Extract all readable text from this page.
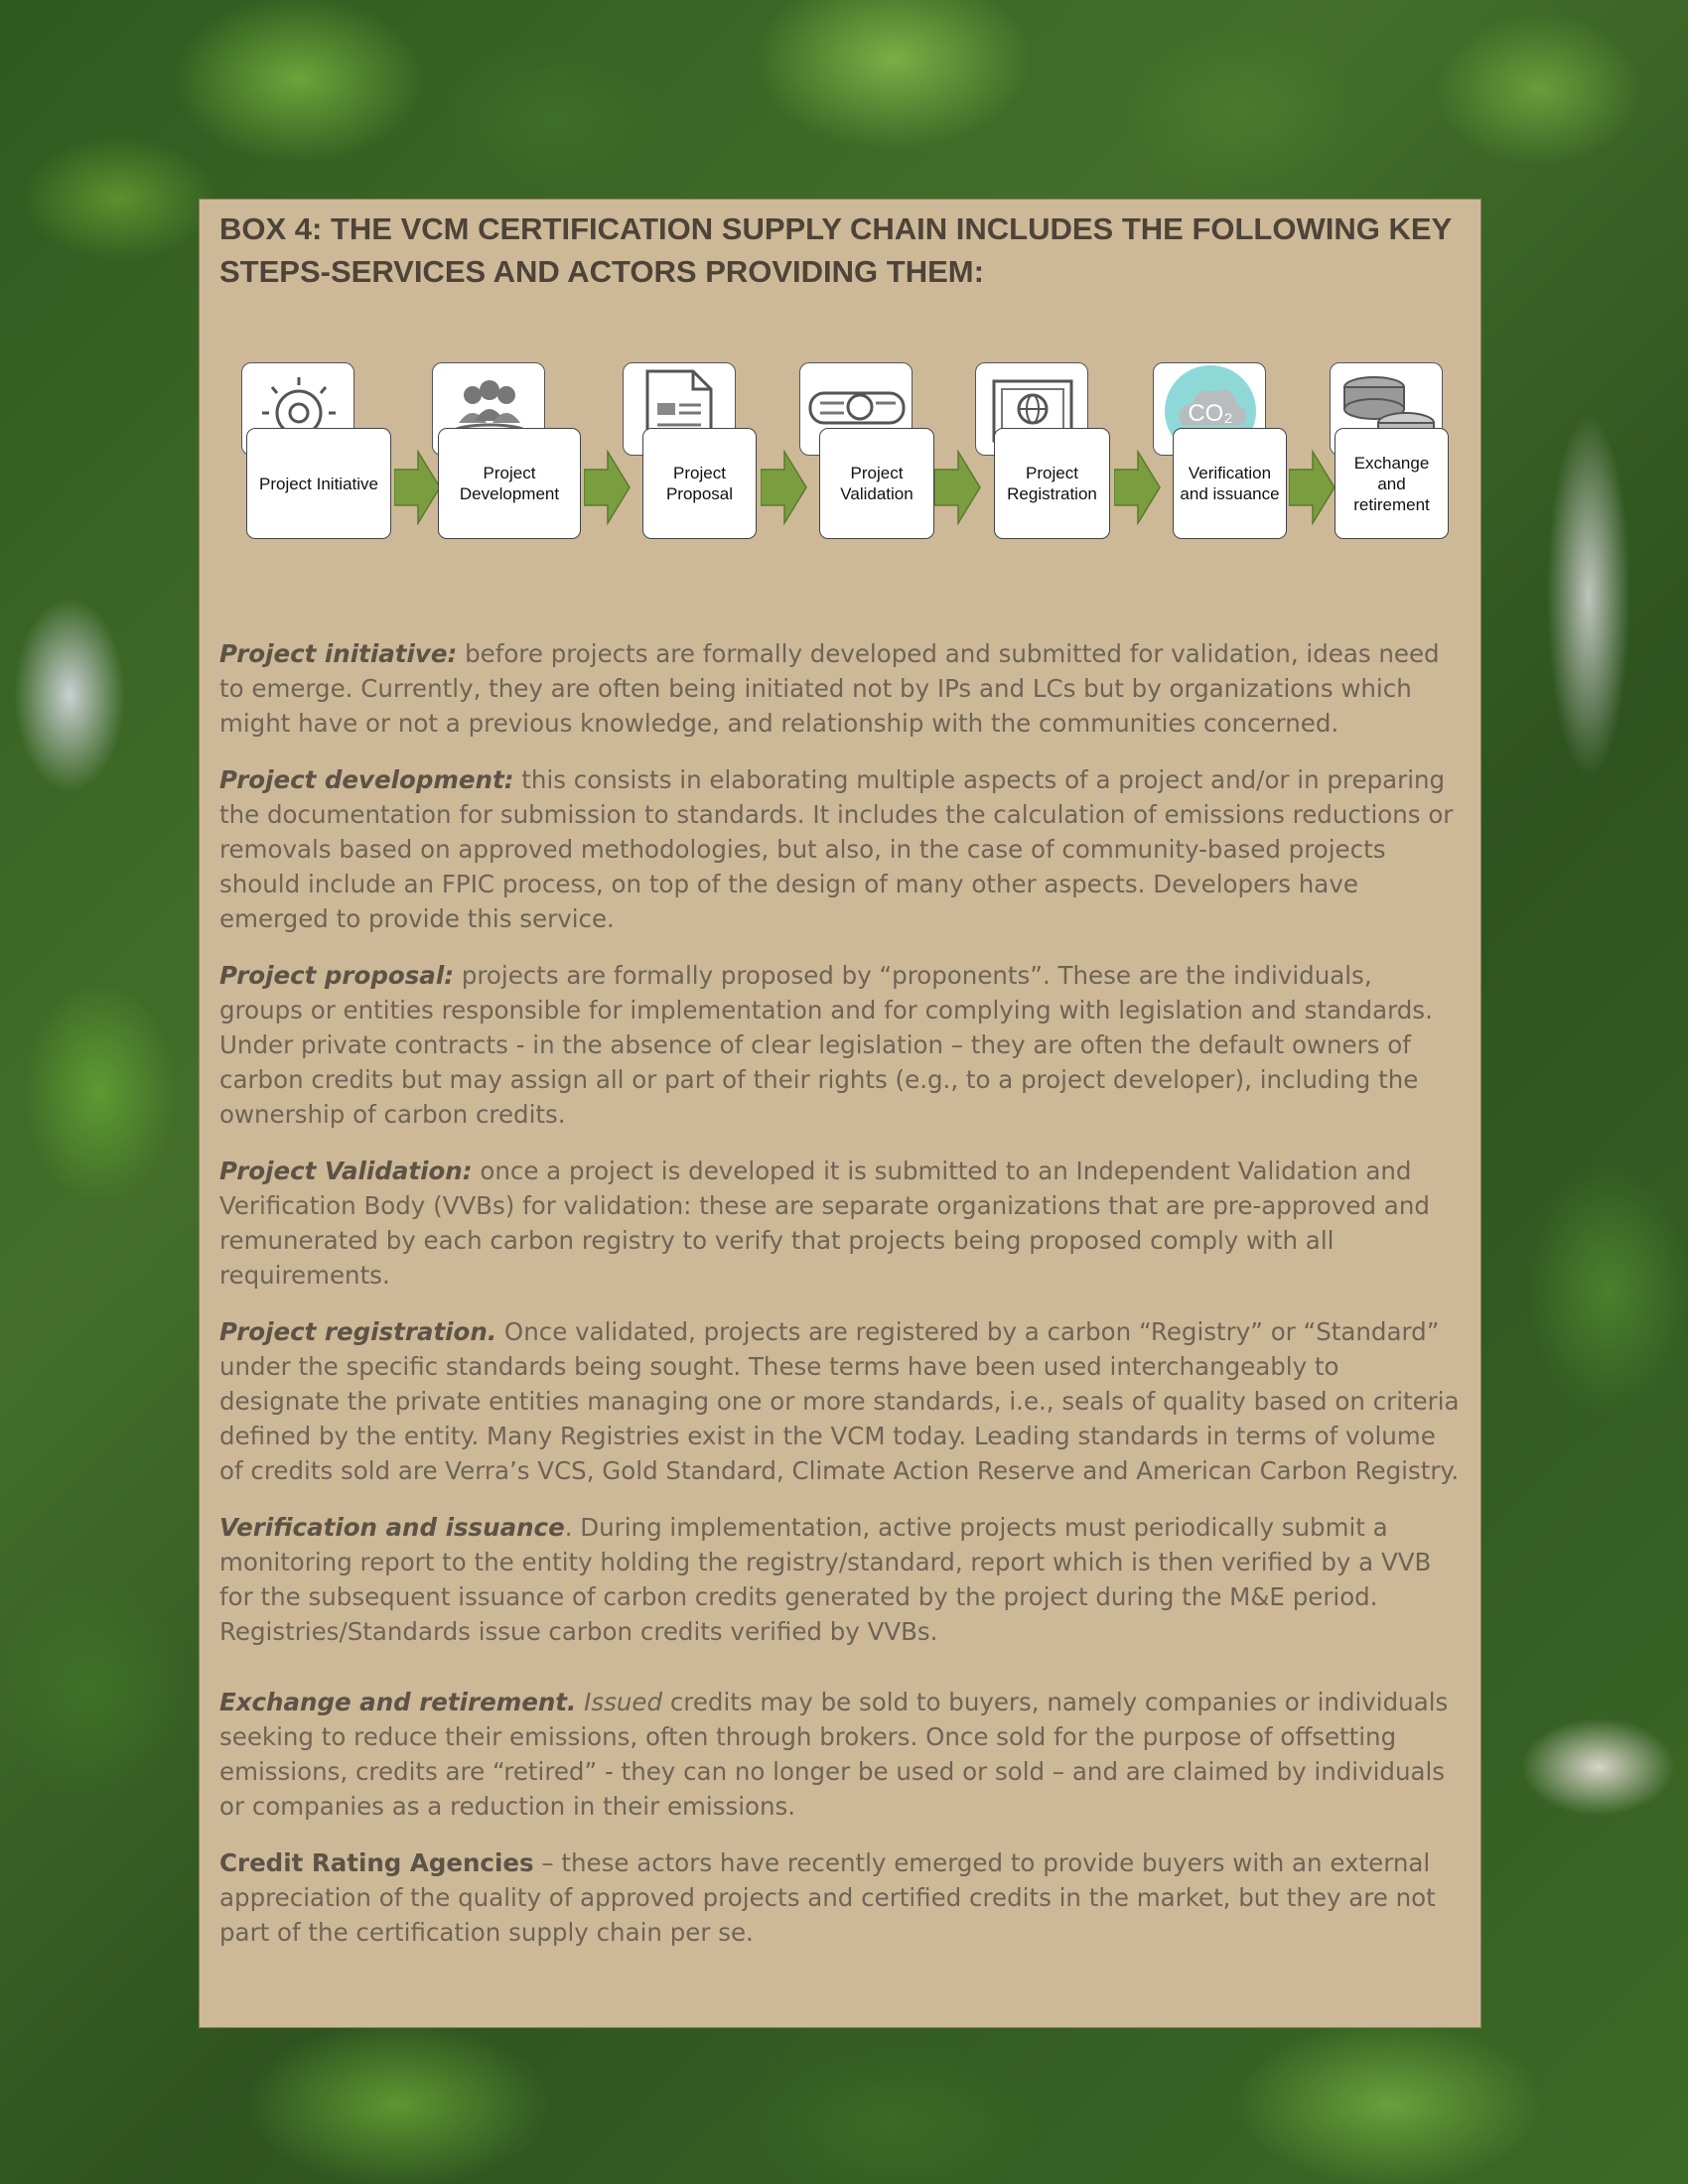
BOX 4: THE VCM CERTIFICATION SUPPLY CHAIN INCLUDES THE FOLLOWING KEY STEPS-SERVICES AND ACTORS PROVIDING THEM:
Project Initiative
Project Development
Project Proposal
Project Validation
Project Registration
CO₂
Verification and issuance
Exchange and retirement

Project initiative: before projects are formally developed and submitted for validation, ideas need to emerge. Currently, they are often being initiated not by IPs and LCs but by organizations which might have or not a previous knowledge, and relationship with the communities concerned.

Project development: this consists in elaborating multiple aspects of a project and/or in preparing the documentation for submission to standards. It includes the calculation of emissions reductions or removals based on approved methodologies, but also, in the case of community-based projects should include an FPIC process, on top of the design of many other aspects. Developers have emerged to provide this service.

Project proposal: projects are formally proposed by “proponents”. These are the individuals, groups or entities responsible for implementation and for complying with legislation and standards. Under private contracts - in the absence of clear legislation – they are often the default owners of carbon credits but may assign all or part of their rights (e.g., to a project developer), including the ownership of carbon credits.

Project Validation: once a project is developed it is submitted to an Independent Validation and Verification Body (VVBs) for validation: these are separate organizations that are pre-approved and remunerated by each carbon registry to verify that projects being proposed comply with all requirements.

Project registration. Once validated, projects are registered by a carbon “Registry” or “Standard” under the specific standards being sought. These terms have been used interchangeably to designate the private entities managing one or more standards, i.e., seals of quality based on criteria defined by the entity. Many Registries exist in the VCM today. Leading standards in terms of volume of credits sold are Verra’s VCS, Gold Standard, Climate Action Reserve and American Carbon Registry.

Verification and issuance. During implementation, active projects must periodically submit a monitoring report to the entity holding the registry/standard, report which is then verified by a VVB for the subsequent issuance of carbon credits generated by the project during the M&E period. Registries/Standards issue carbon credits verified by VVBs.

Exchange and retirement. Issued credits may be sold to buyers, namely companies or individuals seeking to reduce their emissions, often through brokers. Once sold for the purpose of offsetting emissions, credits are “retired” - they can no longer be used or sold – and are claimed by individuals or companies as a reduction in their emissions.

Credit Rating Agencies – these actors have recently emerged to provide buyers with an external appreciation of the quality of approved projects and certified credits in the market, but they are not part of the certification supply chain per se.
